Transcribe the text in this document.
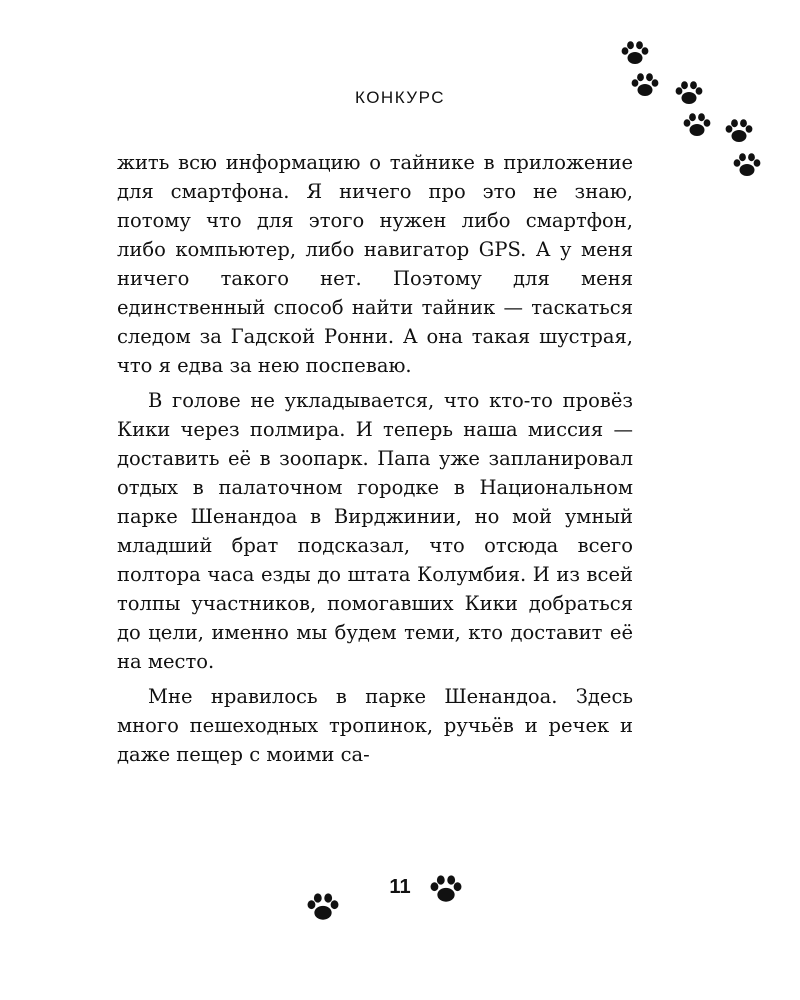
КОНКУРС

жить всю информацию о тайнике в приложение для смартфона. Я ничего про это не знаю, потому что для этого нужен либо смартфон, либо компьютер, либо навигатор GPS. А у меня ничего такого нет. Поэтому для меня единственный способ найти тайник — таскаться следом за Гадской Ронни. А она такая шустрая, что я едва за нею поспеваю.

В голове не укладывается, что кто-то провёз Кики через полмира. И теперь наша миссия — доставить её в зоопарк. Папа уже запланировал отдых в палаточном городке в Национальном парке Шенандоа в Вирджинии, но мой умный младший брат подсказал, что отсюда всего полтора часа езды до штата Колумбия. И из всей толпы участников, помогавших Кики добраться до цели, именно мы будем теми, кто доставит её на место.

Мне нравилось в парке Шенандоа. Здесь много пешеходных тропинок, ручьёв и речек и даже пещер с моими са-

11
